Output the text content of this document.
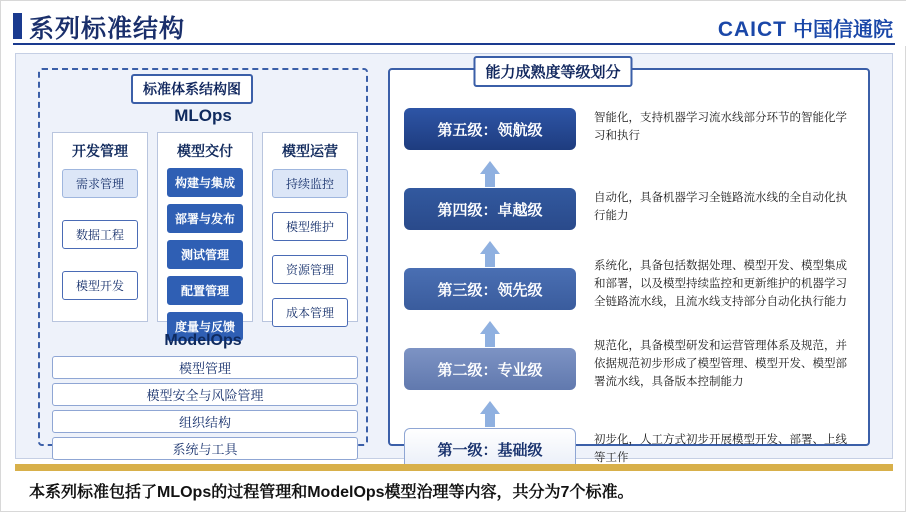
系列标准结构	CAICT 中国信通院
标准体系结构图
MLOps
开发管理
需求管理
数据工程
模型开发
模型交付
构建与集成
部署与发布
测试管理
配置管理
度量与反馈
模型运营
持续监控
模型维护
资源管理
成本管理
ModelOps
模型管理
模型安全与风险管理
组织结构
系统与工具
能力成熟度等级划分
第五级：领航级
第四级：卓越级
第三级：领先级
第二级：专业级
第一级：基础级
智能化，支持机器学习流水线部分环节的智能化学习和执行
自动化，具备机器学习全链路流水线的全自动化执行能力
系统化，具备包括数据处理、模型开发、模型集成和部署，以及模型持续监控和更新维护的机器学习全链路流水线，且流水线支持部分自动化执行能力
规范化，具备模型研发和运营管理体系及规范，并依据规范初步形成了模型管理、模型开发、模型部署流水线，具备版本控制能力
初步化，人工方式初步开展模型开发、部署、上线等工作
本系列标准包括了MLOps的过程管理和ModelOps模型治理等内容，共分为7个标准。
